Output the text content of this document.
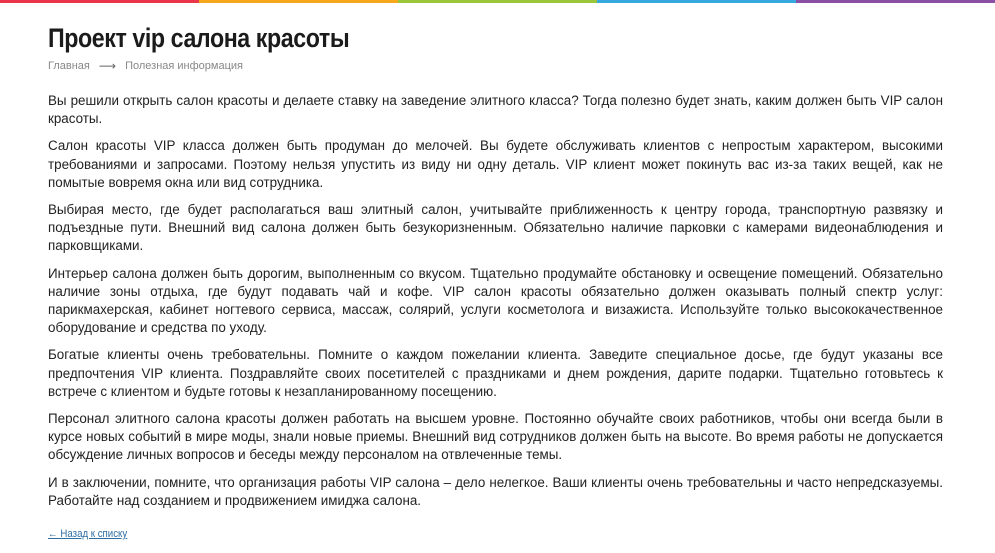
Проект vip салона красоты
Главная ⟶ Полезная информация

Вы решили открыть салон красоты и делаете ставку на заведение элитного класса? Тогда полезно будет знать, каким должен быть VIP салон красоты.

Салон красоты VIP класса должен быть продуман до мелочей. Вы будете обслуживать клиентов с непростым характером, высокими требованиями и запросами. Поэтому нельзя упустить из виду ни одну деталь. VIP клиент может покинуть вас из-за таких вещей, как не помытые вовремя окна или вид сотрудника.

Выбирая место, где будет располагаться ваш элитный салон, учитывайте приближенность к центру города, транспортную развязку и подъездные пути. Внешний вид салона должен быть безукоризненным. Обязательно наличие парковки с камерами видеонаблюдения и парковщиками.

Интерьер салона должен быть дорогим, выполненным со вкусом. Тщательно продумайте обстановку и освещение помещений. Обязательно наличие зоны отдыха, где будут подавать чай и кофе. VIP салон красоты обязательно должен оказывать полный спектр услуг: парикмахерская, кабинет ногтевого сервиса, массаж, солярий, услуги косметолога и визажиста. Используйте только высококачественное оборудование и средства по уходу.

Богатые клиенты очень требовательны. Помните о каждом пожелании клиента. Заведите специальное досье, где будут указаны все предпочтения VIP клиента. Поздравляйте своих посетителей с праздниками и днем рождения, дарите подарки. Тщательно готовьтесь к встрече с клиентом и будьте готовы к незапланированному посещению.

Персонал элитного салона красоты должен работать на высшем уровне. Постоянно обучайте своих работников, чтобы они всегда были в курсе новых событий в мире моды, знали новые приемы. Внешний вид сотрудников должен быть на высоте. Во время работы не допускается обсуждение личных вопросов и беседы между персоналом на отвлеченные темы.

И в заключении, помните, что организация работы VIP салона – дело нелегкое. Ваши клиенты очень требовательны и часто непредсказуемы. Работайте над созданием и продвижением имиджа салона.

← Назад к списку
